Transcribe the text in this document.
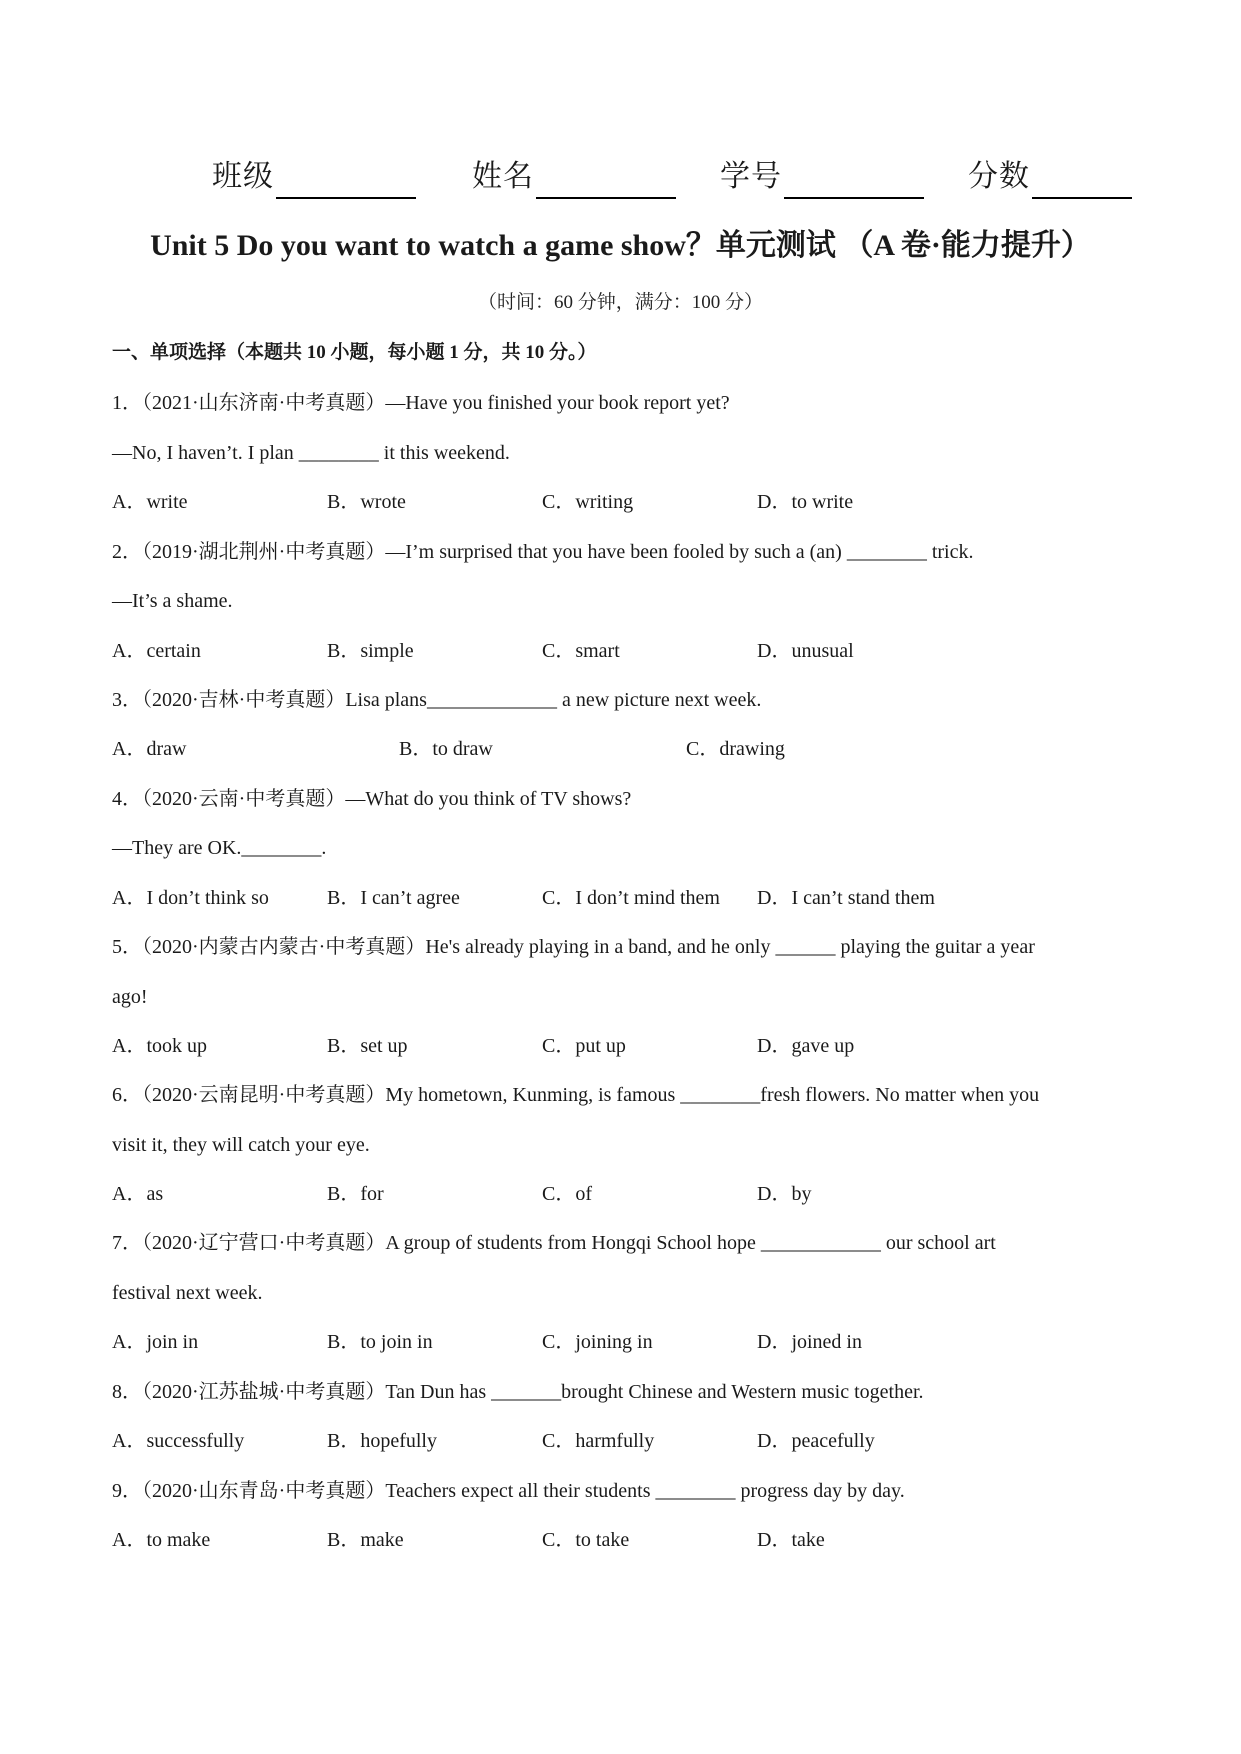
班级	姓名	学号	分数
Unit 5 Do you want to watch a game show？单元测试 （A 卷·能力提升）
（时间：60 分钟，满分：100 分）
一、单项选择（本题共 10 小题，每小题 1 分，共 10 分。）
1．（2021·山东济南·中考真题）—Have you finished your book report yet?
—No, I haven’t. I plan ________ it this weekend.
A．write	B．wrote	C．writing	D．to write
2．（2019·湖北荆州·中考真题）—I’m surprised that you have been fooled by such a (an) ________ trick.
—It’s a shame.
A．certain	B．simple	C．smart	D．unusual
3．（2020·吉林·中考真题）Lisa plans_____________ a new picture next week.
A．draw	B．to draw	C．drawing
4．（2020·云南·中考真题）—What do you think of TV shows?
—They are OK.________.
A．I don’t think so	B．I can’t agree	C．I don’t mind them D．I can’t stand them
5．（2020·内蒙古内蒙古·中考真题）He's already playing in a band, and he only ______ playing the guitar a year
ago!
A．took up	B．set up	C．put up	D．gave up
6．（2020·云南昆明·中考真题）My hometown, Kunming, is famous ________fresh flowers. No matter when you
visit it, they will catch your eye.
A．as	B．for	C．of	D．by
7．（2020·辽宁营口·中考真题）A group of students from Hongqi School hope ____________ our school art
festival next week.
A．join in	B．to join in	C．joining in	D．joined in
8．（2020·江苏盐城·中考真题）Tan Dun has _______brought Chinese and Western music together.
A．successfully	B．hopefully	C．harmfully	D．peacefully
9．（2020·山东青岛·中考真题）Teachers expect all their students ________ progress day by day.
A．to make	B．make	C．to take	D．take
